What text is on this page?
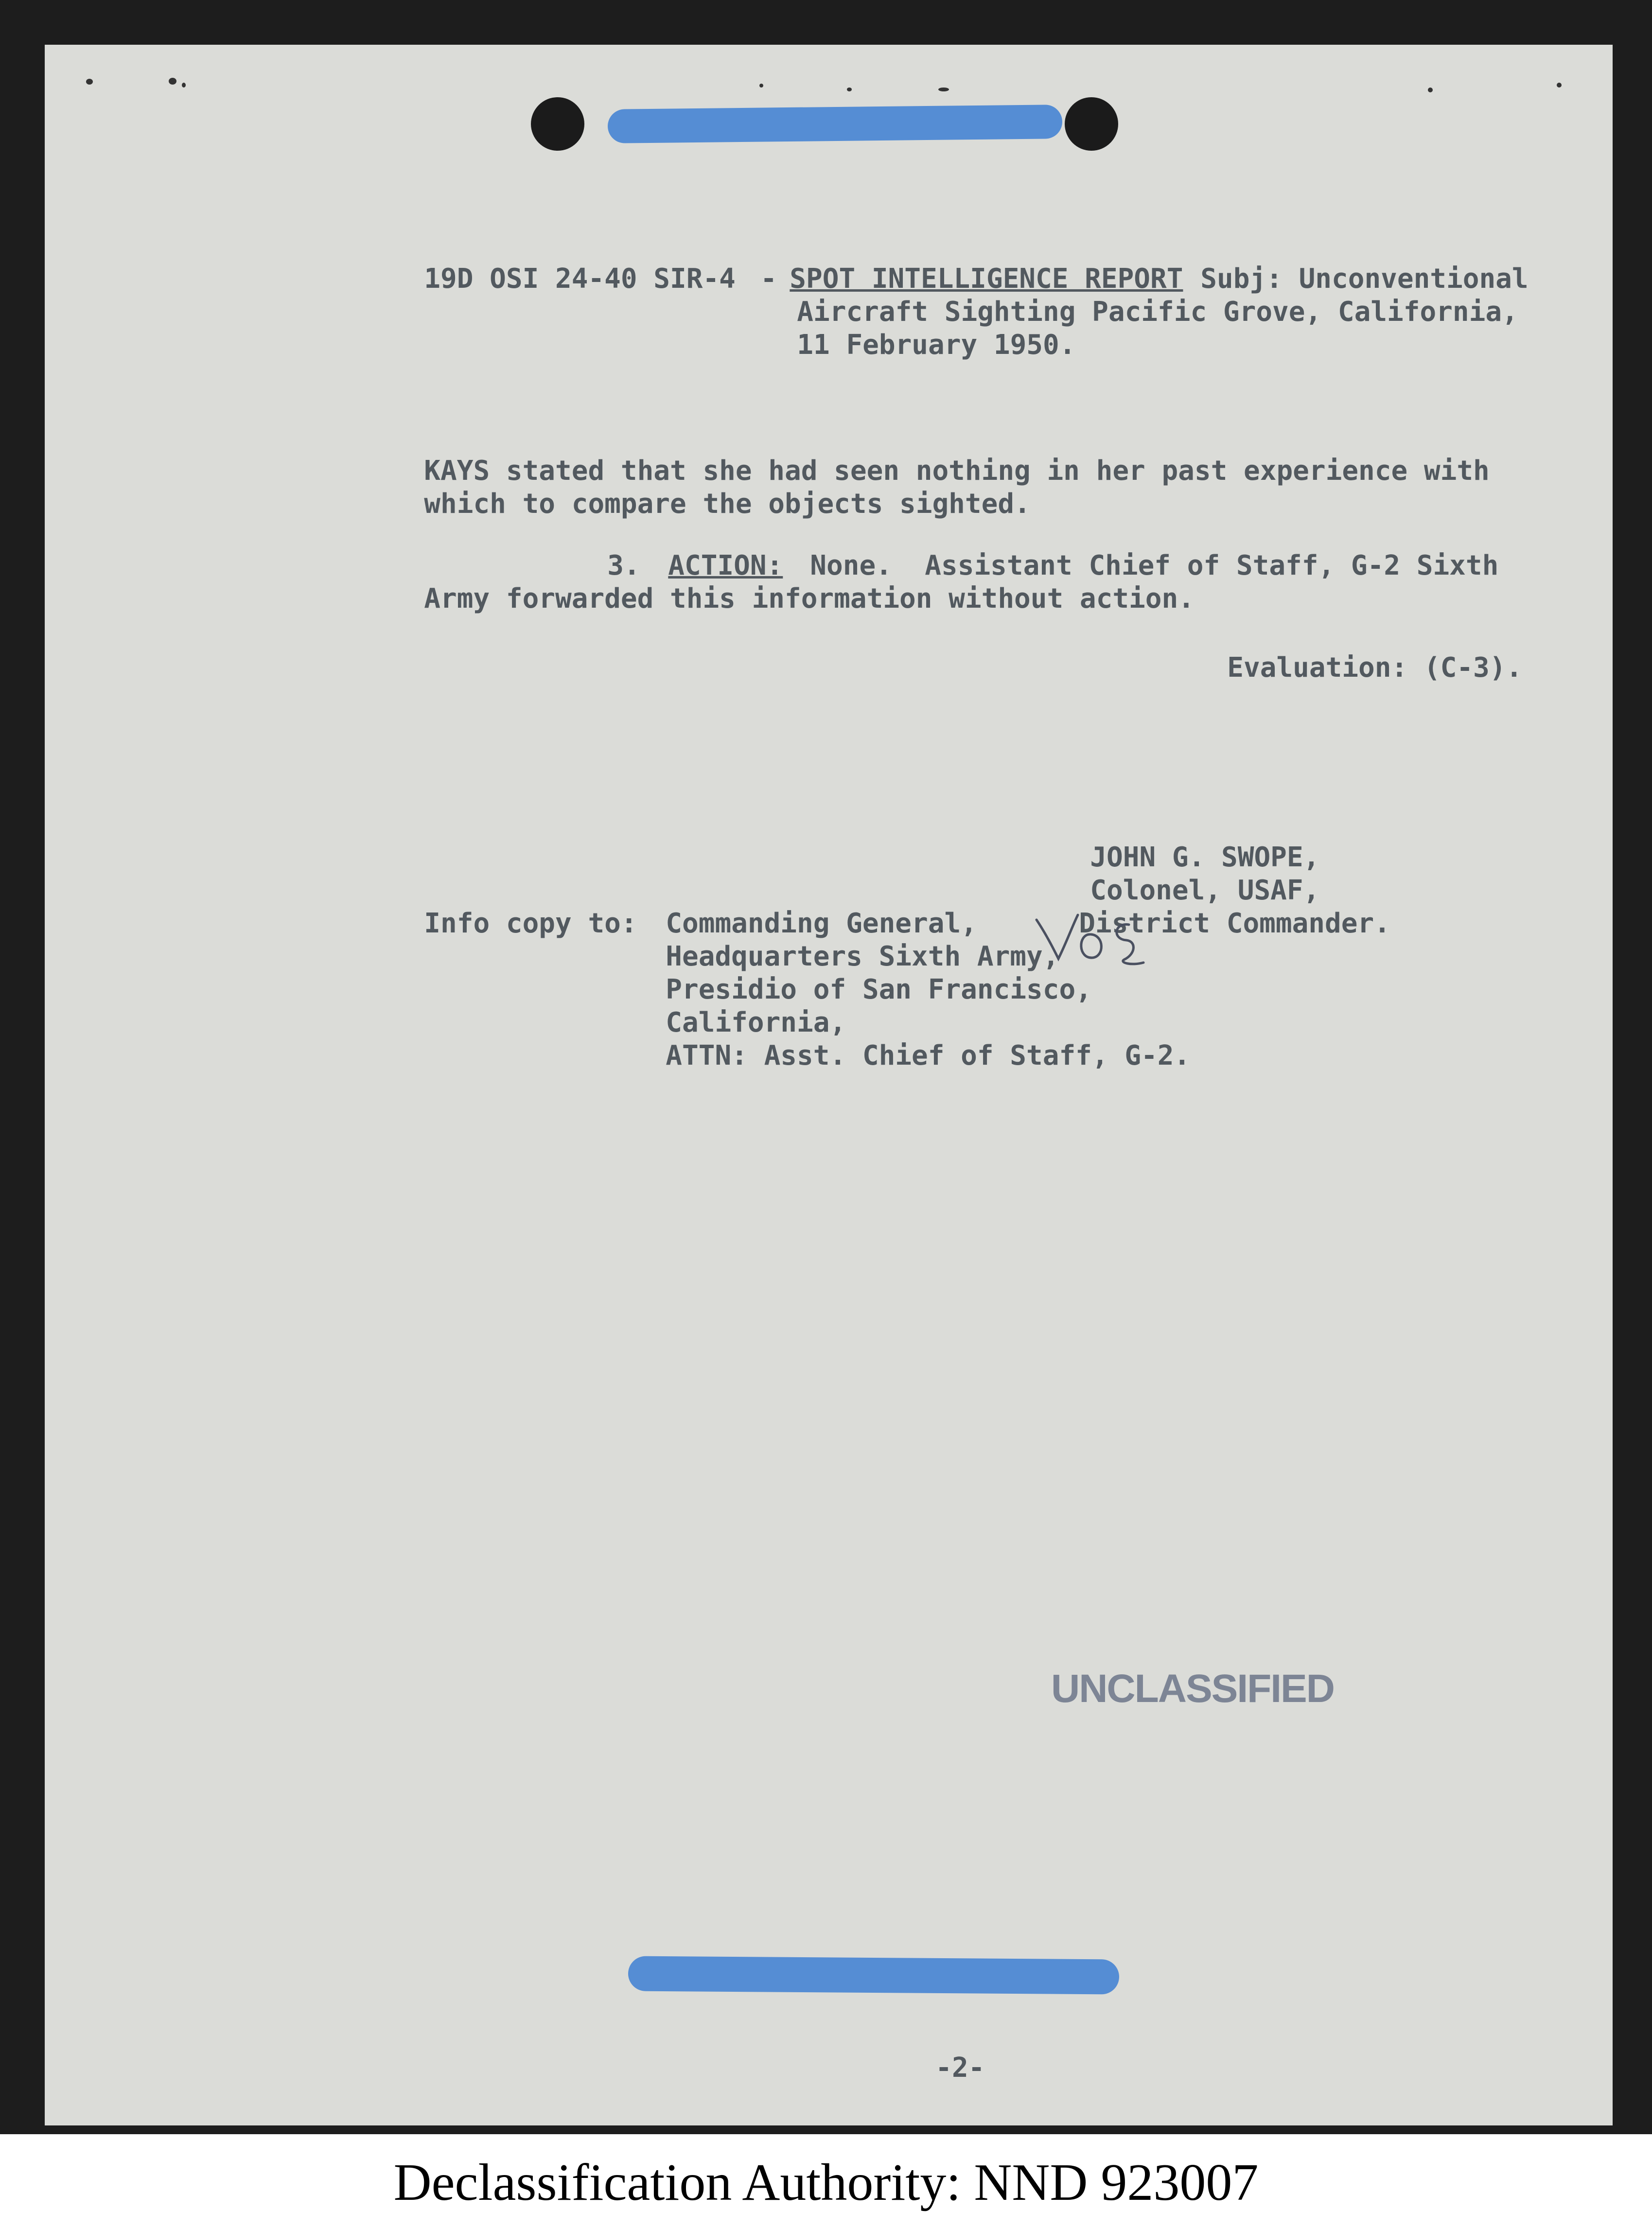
19D OSI 24-40 SIR-4
-
SPOT INTELLIGENCE REPORT
Subj: Unconventional

Aircraft Sighting Pacific Grove, California,

11 February 1950.

KAYS stated that she had seen nothing in her past experience with

which to compare the objects sighted.

3.
	ACTION:
None.  Assistant Chief of Staff, G-2 Sixth

Army forwarded this information without action.

Evaluation: (C-3).

JOHN G. SWOPE,

Colonel, USAF,

District Commander.

Info copy to:
	Commanding General,

Headquarters Sixth Army,

Presidio of San Francisco,

California,

ATTN: Asst. Chief of Staff, G-2.

UNCLASSIFIED

-2-

Declassification Authority: NND 923007
